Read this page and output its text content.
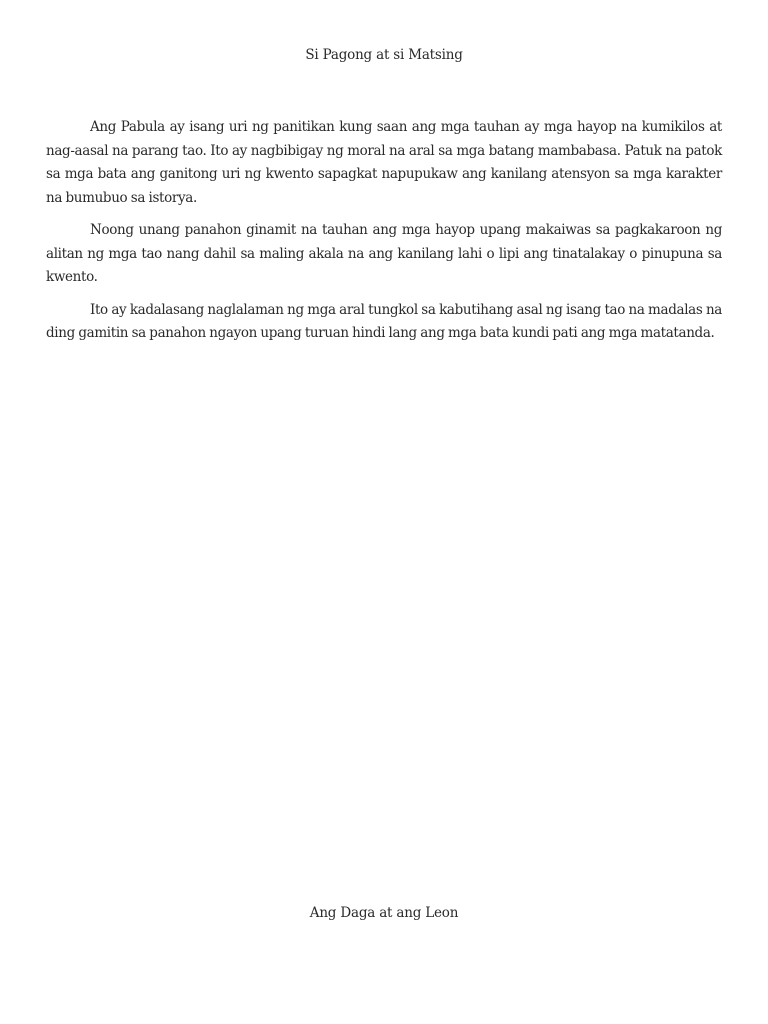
Si Pagong at si Matsing

Ang Pabula ay isang uri ng panitikan kung saan ang mga tauhan ay mga hayop na kumikilos at nag-aasal na parang tao. Ito ay nagbibigay ng moral na aral sa mga batang mambabasa. Patuk na patok sa mga bata ang ganitong uri ng kwento sapagkat napupukaw ang kanilang atensyon sa mga karakter na bumubuo sa istorya.

Noong unang panahon ginamit na tauhan ang mga hayop upang makaiwas sa pagkakaroon ng alitan ng mga tao nang dahil sa maling akala na ang kanilang lahi o lipi ang tinatalakay o pinupuna sa kwento.

Ito ay kadalasang naglalaman ng mga aral tungkol sa kabutihang asal ng isang tao na madalas na ding gamitin sa panahon ngayon upang turuan hindi lang ang mga bata kundi pati ang mga matatanda.

Ang Daga at ang Leon
